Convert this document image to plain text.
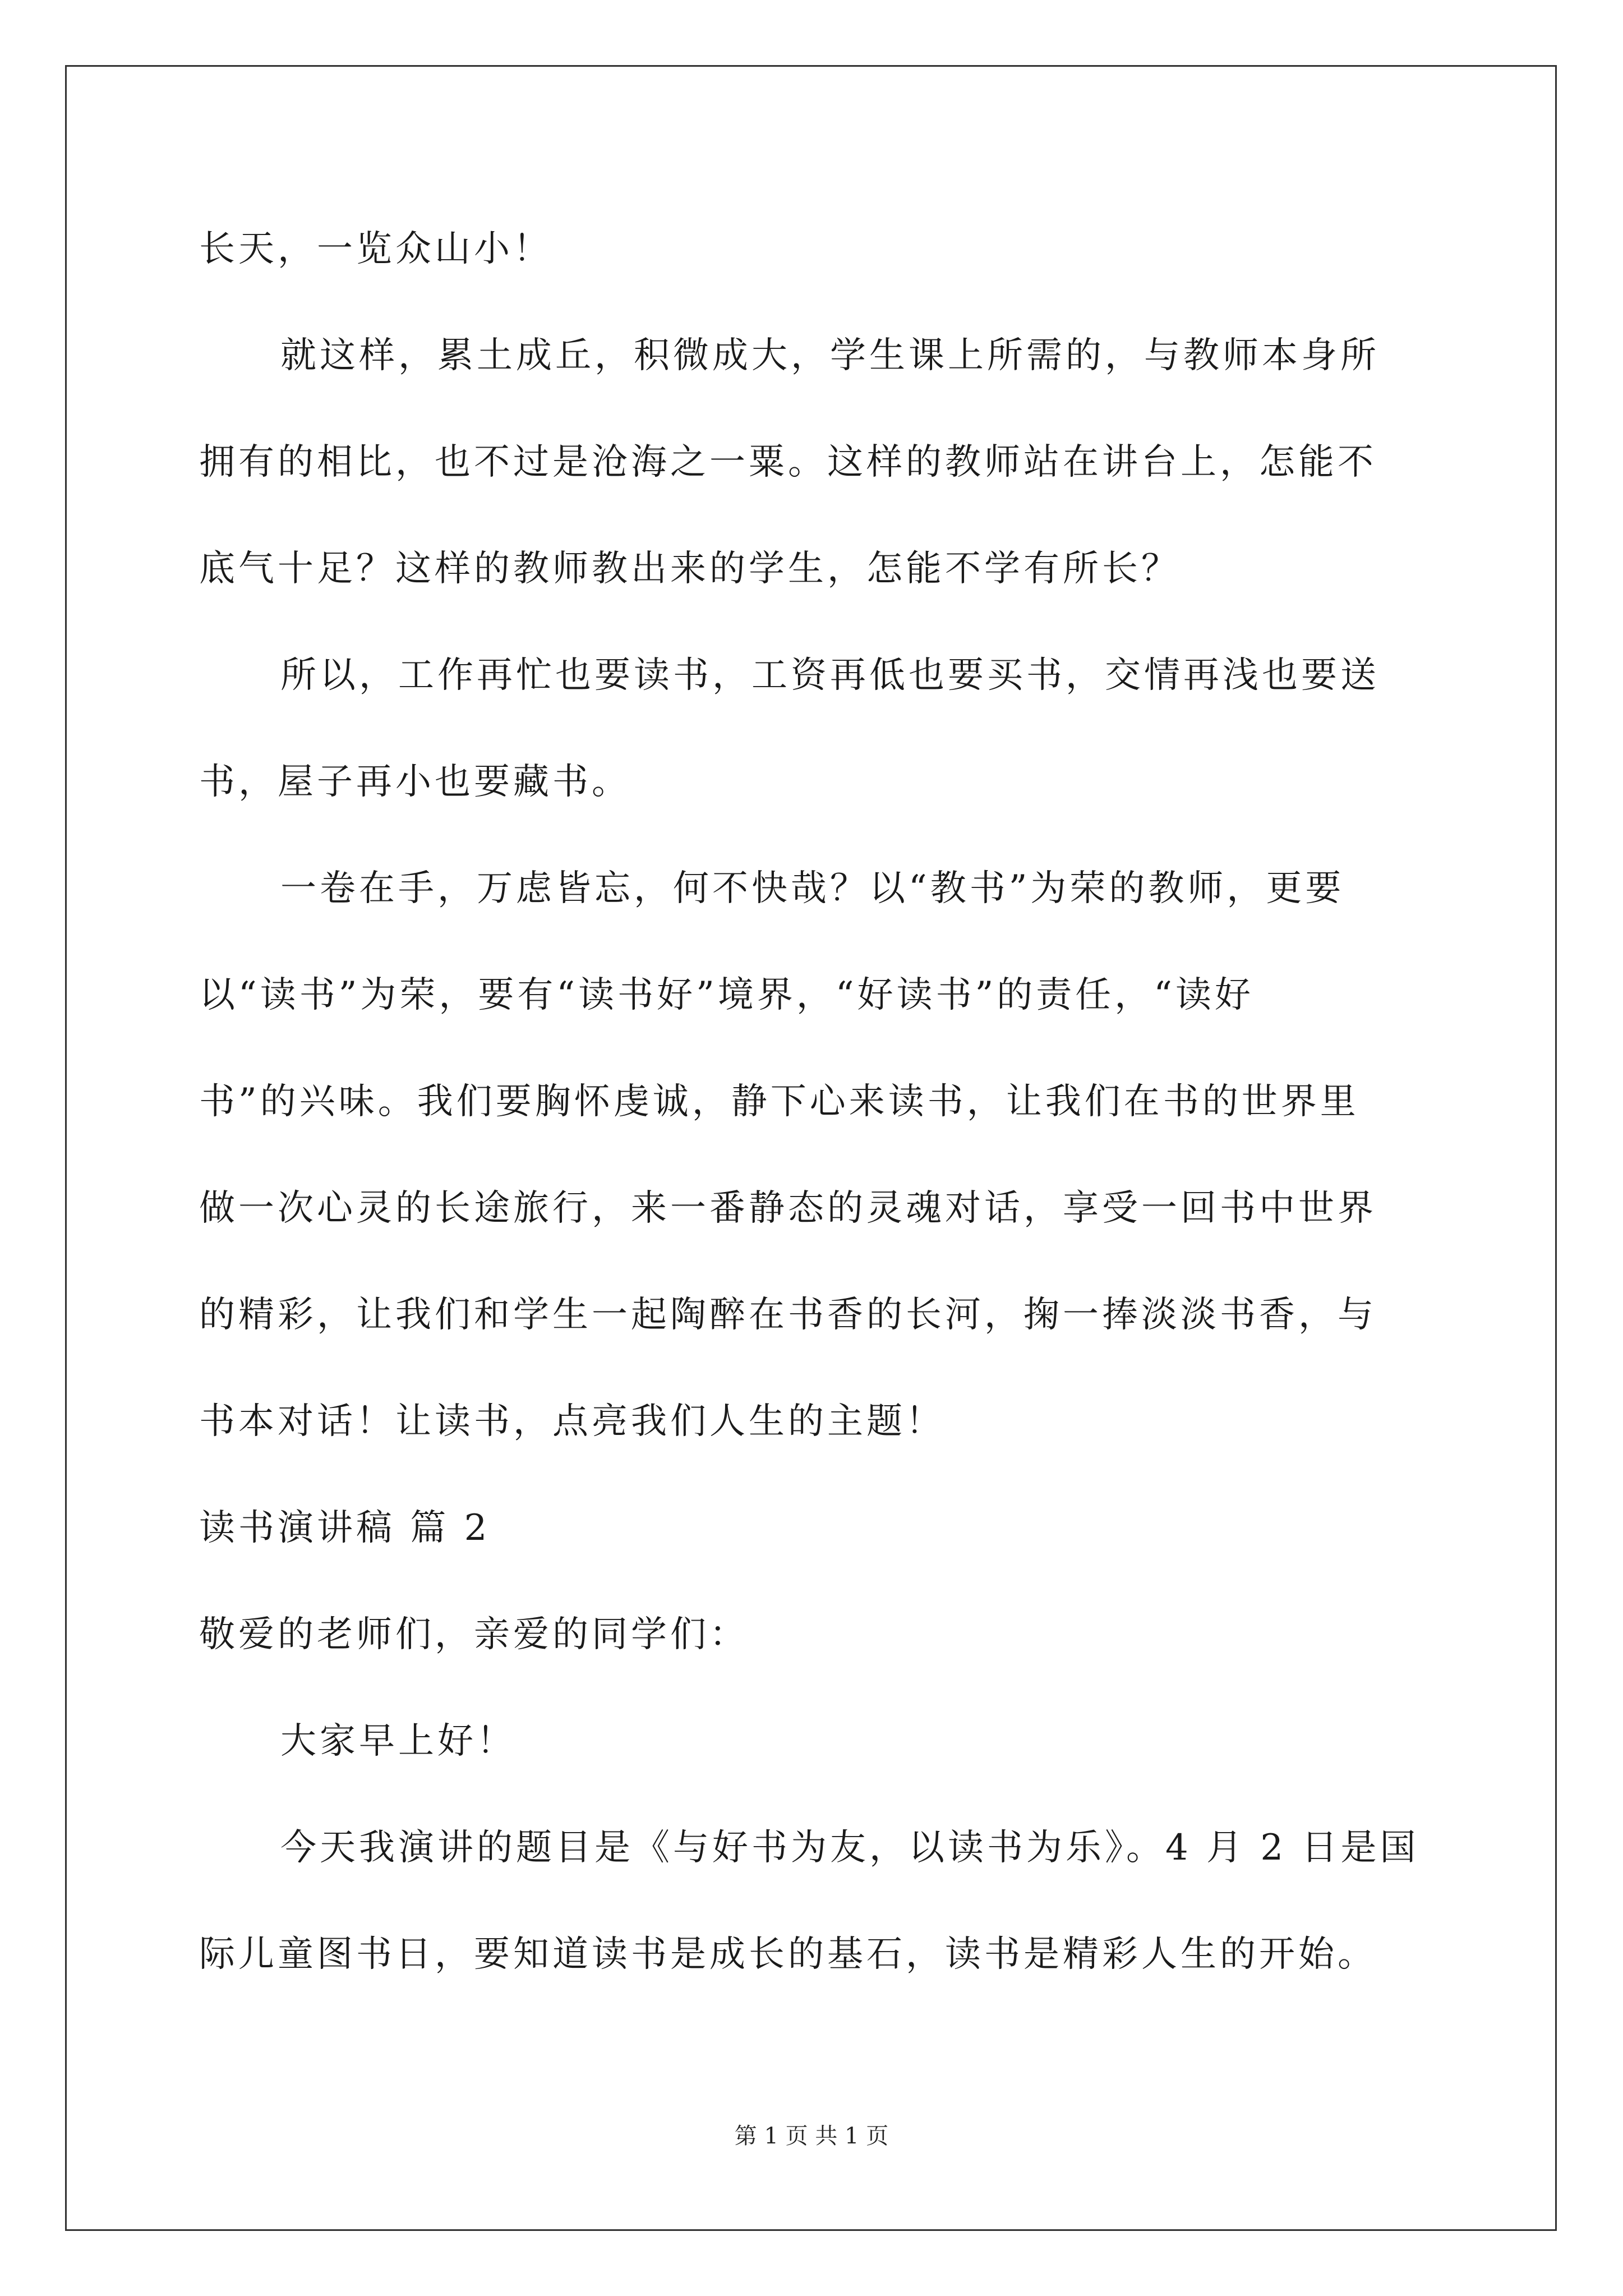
长天，一览众山小！

就这样，累土成丘，积微成大，学生课上所需的，与教师本身所

拥有的相比，也不过是沧海之一粟。这样的教师站在讲台上，怎能不

底气十足？这样的教师教出来的学生，怎能不学有所长？

所以，工作再忙也要读书，工资再低也要买书，交情再浅也要送

书，屋子再小也要藏书。

一卷在手，万虑皆忘，何不快哉？以“教书”为荣的教师，更要

以“读书”为荣，要有“读书好”境界，“好读书”的责任，“读好

书”的兴味。我们要胸怀虔诚，静下心来读书，让我们在书的世界里

做一次心灵的长途旅行，来一番静态的灵魂对话，享受一回书中世界

的精彩，让我们和学生一起陶醉在书香的长河，掬一捧淡淡书香，与

书本对话！让读书，点亮我们人生的主题！

读书演讲稿 篇 2

敬爱的老师们，亲爱的同学们：

大家早上好！

今天我演讲的题目是《与好书为友，以读书为乐》。4 月 2 日是国

际儿童图书日，要知道读书是成长的基石，读书是精彩人生的开始。

第 1 页 共 1 页
